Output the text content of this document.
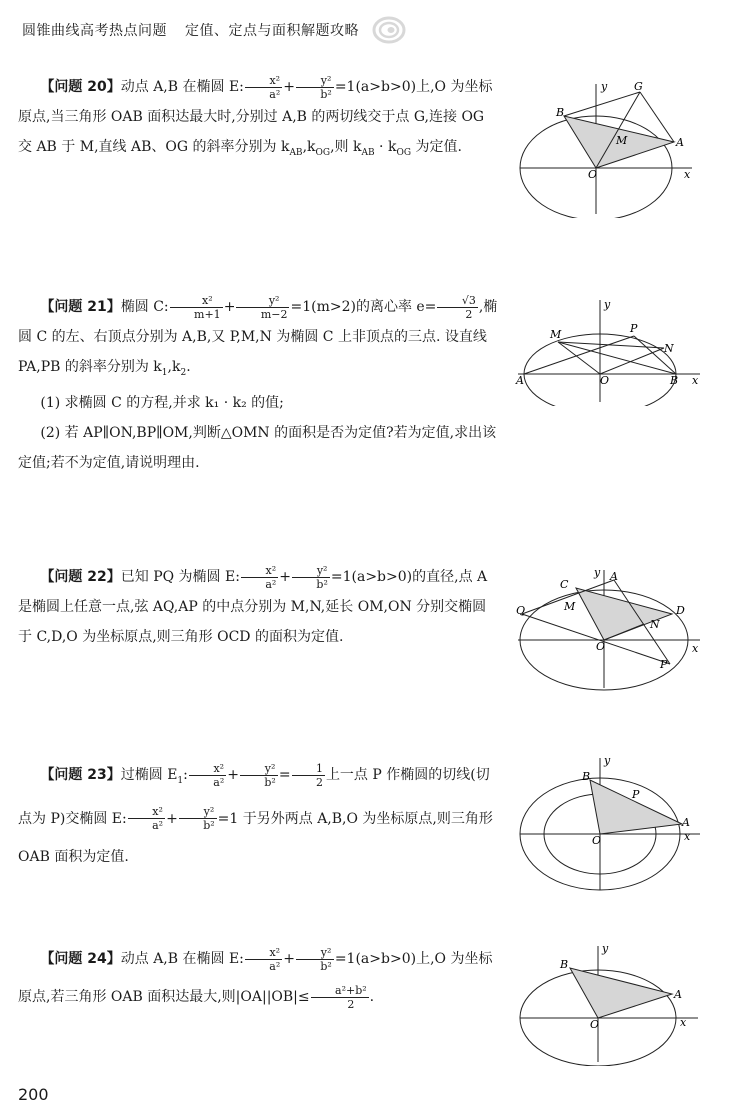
圆锥曲线高考热点问题 定值、定点与面积解题攻略

【问题 20】动点 A,B 在椭圆 E: $\frac{\text{x²}}{\text{a²}} + \frac{\text{y²}}{\text{b²}} =1(a>b>0)$上,O 为坐标原点,当三角形 OAB 面积达最大时,分别过 A,B 的两切线交于点 G,连接 OG 交 AB 于 M,直线 AB、OG 的斜率分别为 $k_{AB},k_{OG}$,则 $k_{AB} \cdot k_{OG}$ 为定值.

y G
B
M	A
O	x

【问题 21】椭圆 C: $\frac{\text{x²}}{m+1} + \frac{\text{y²}}{m-2} =1(m>2)$的离心率 $e= \frac{√3}{2}$ ,椭圆 C 的左、右顶点分别为 A,B,又 P,M,N 为椭圆 C 上非顶点的三点. 设直线 PA,PB 的斜率分别为 $k_1,k_2$.

(1) 求椭圆 C 的方程,并求 k₁ · k₂ 的值;

(2) 若 AP∥ON,BP∥OM,判断△OMN 的面积是否为定值?若为定值,求出该定值;若不为定值,请说明理由.

y
M	P
N
A	O	B x

【问题 22】已知 PQ 为椭圆 E: $\frac{\text{x²}}{\text{a²}} + \frac{\text{y²}}{\text{b²}} =1(a>b>0)$的直径,点 A 是椭圆上任意一点,弦 AQ,AP 的中点分别为 M,N,延长 OM,ON 分别交椭圆于 C,D,O 为坐标原点,则三角形 OCD 的面积为定值.

y
C
A
Q	M	D
N
O	x
P

【问题 23】过椭圆 $E_1$: $\frac{\text{x²}}{\text{a²}} + \frac{\text{y²}}{\text{b²}} = \frac{1}{2}$ 上一点 P 作椭圆的切线(切点为 P)交椭圆 E: $\frac{\text{x²}}{\text{a²}} + \frac{\text{y²}}{\text{b²}} =1$ 于另外两点 A,B,O 为坐标原点,则三角形 OAB 面积为定值.

y
B
P
O
A
x

【问题 24】动点 A,B 在椭圆 E: $\frac{\text{x²}}{\text{a²}} + \frac{\text{y²}}{\text{b²}} =1(a>b>0)$上,O 为坐标原点,若三角形 OAB 面积达最大,则$|OA||OB|\le \frac{\text{a²+b²}}{2}$ .

y
B
A
O	x
200
